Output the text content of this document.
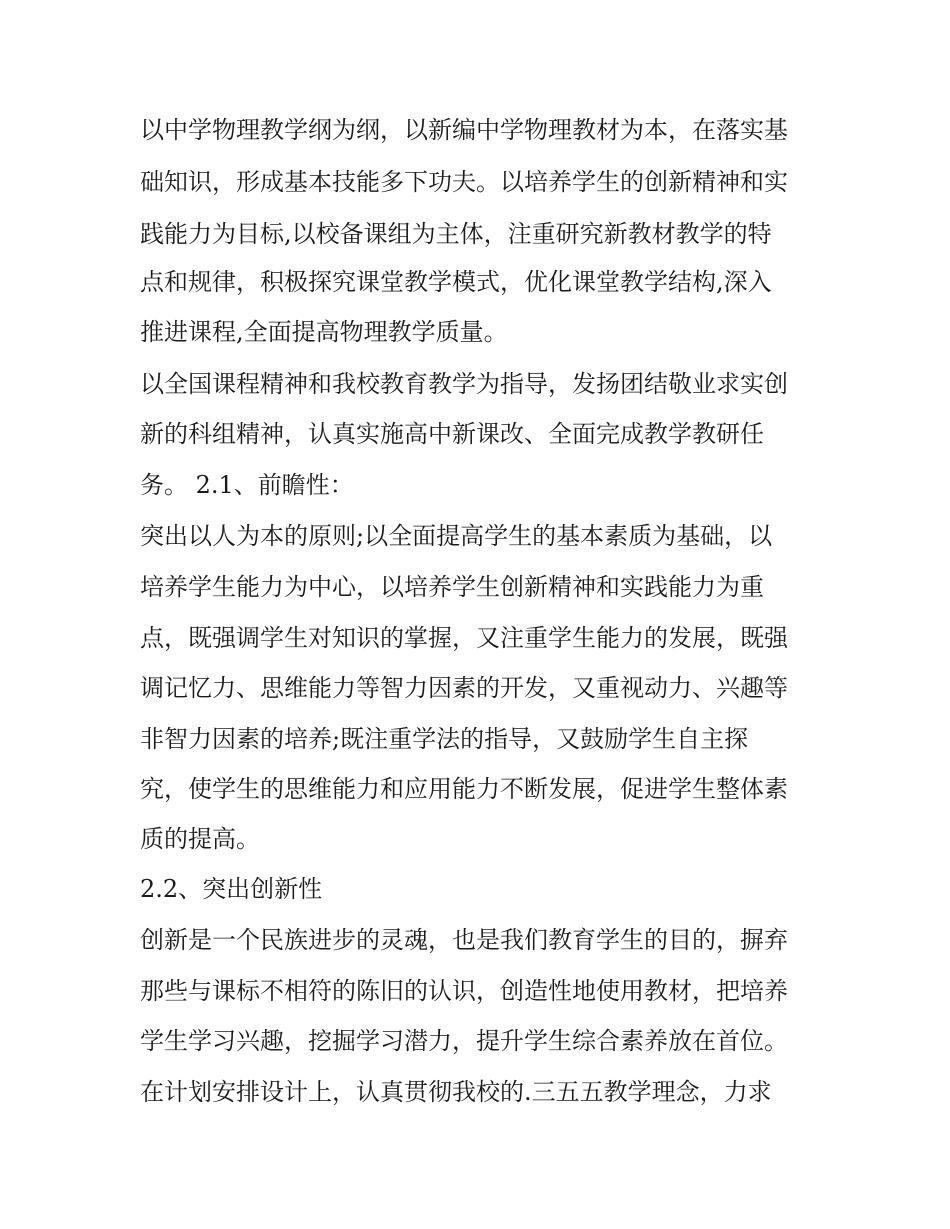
以中学物理教学纲为纲，以新编中学物理教材为本，在落实基
础知识，形成基本技能多下功夫。以培养学生的创新精神和实
践能力为目标,以校备课组为主体，注重研究新教材教学的特
点和规律，积极探究课堂教学模式，优化课堂教学结构,深入
推进课程,全面提高物理教学质量。
以全国课程精神和我校教育教学为指导，发扬团结敬业求实创
新的科组精神，认真实施高中新课改、全面完成教学教研任
务。 2.1、前瞻性：
突出以人为本的原则;以全面提高学生的基本素质为基础，以
培养学生能力为中心，以培养学生创新精神和实践能力为重
点，既强调学生对知识的掌握，又注重学生能力的发展，既强
调记忆力、思维能力等智力因素的开发，又重视动力、兴趣等
非智力因素的培养;既注重学法的指导，又鼓励学生自主探
究，使学生的思维能力和应用能力不断发展，促进学生整体素
质的提高。
2.2、突出创新性
创新是一个民族进步的灵魂，也是我们教育学生的目的，摒弃
那些与课标不相符的陈旧的认识，创造性地使用教材，把培养
学生学习兴趣，挖掘学习潜力，提升学生综合素养放在首位。
在计划安排设计上，认真贯彻我校的.三五五教学理念，力求
